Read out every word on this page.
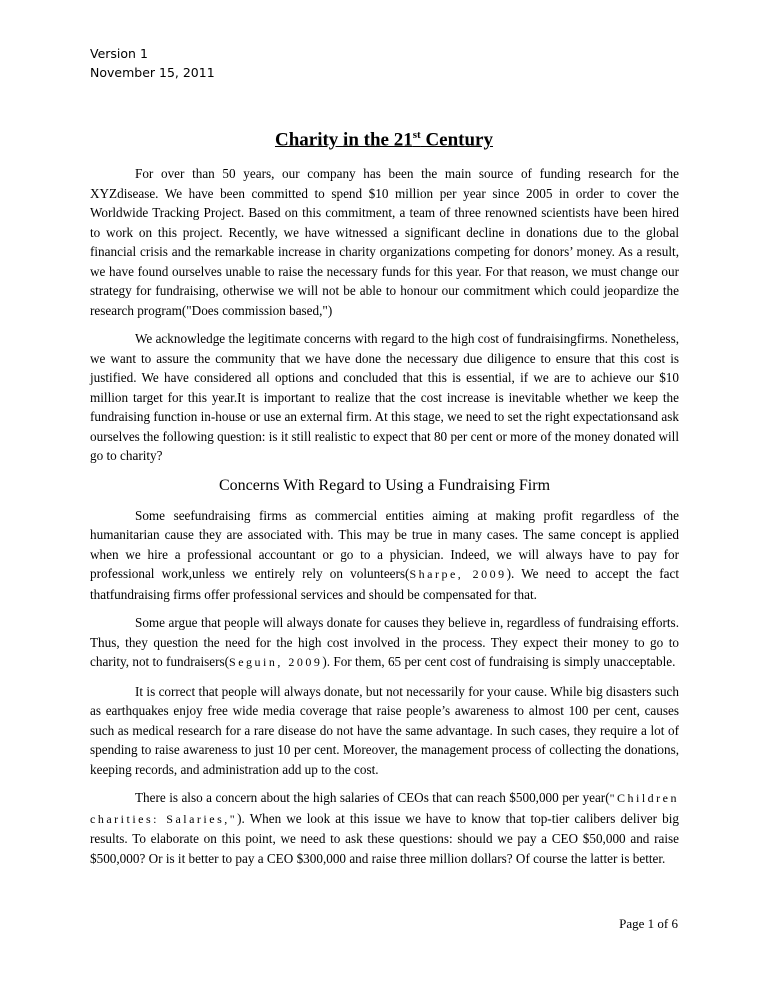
Version 1
November 15, 2011
Charity in the 21st Century

For over than 50 years, our company has been the main source of funding research for the XYZdisease. We have been committed to spend $10 million per year since 2005 in order to cover the Worldwide Tracking Project. Based on this commitment, a team of three renowned scientists have been hired to work on this project. Recently, we have witnessed a significant decline in donations due to the global financial crisis and the remarkable increase in charity organizations competing for donors’ money. As a result, we have found ourselves unable to raise the necessary funds for this year. For that reason, we must change our strategy for fundraising, otherwise we will not be able to honour our commitment which could jeopardize the research program("Does commission based,")

We acknowledge the legitimate concerns with regard to the high cost of fundraisingfirms. Nonetheless, we want to assure the community that we have done the necessary due diligence to ensure that this cost is justified. We have considered all options and concluded that this is essential, if we are to achieve our $10 million target for this year.It is important to realize that the cost increase is inevitable whether we keep the fundraising function in-house or use an external firm. At this stage, we need to set the right expectationsand ask ourselves the following question: is it still realistic to expect that 80 per cent or more of the money donated will go to charity?

Concerns With Regard to Using a Fundraising Firm

Some seefundraising firms as commercial entities aiming at making profit regardless of the humanitarian cause they are associated with. This may be true in many cases. The same concept is applied when we hire a professional accountant or go to a physician. Indeed, we will always have to pay for professional work,unless we entirely rely on volunteers(Sharpe, 2009). We need to accept the fact thatfundraising firms offer professional services and should be compensated for that.

Some argue that people will always donate for causes they believe in, regardless of fundraising efforts. Thus, they question the need for the high cost involved in the process. They expect their money to go to charity, not to fundraisers(Seguin, 2009). For them, 65 per cent cost of fundraising is simply unacceptable.

It is correct that people will always donate, but not necessarily for your cause. While big disasters such as earthquakes enjoy free wide media coverage that raise people’s awareness to almost 100 per cent, causes such as medical research for a rare disease do not have the same advantage. In such cases, they require a lot of spending to raise awareness to just 10 per cent. Moreover, the management process of collecting the donations, keeping records, and administration add up to the cost.

There is also a concern about the high salaries of CEOs that can reach $500,000 per year("Children charities: Salaries,"). When we look at this issue we have to know that top-tier calibers deliver big results. To elaborate on this point, we need to ask these questions: should we pay a CEO $50,000 and raise $500,000? Or is it better to pay a CEO $300,000 and raise three million dollars? Of course the latter is better.

Page 1 of 6
